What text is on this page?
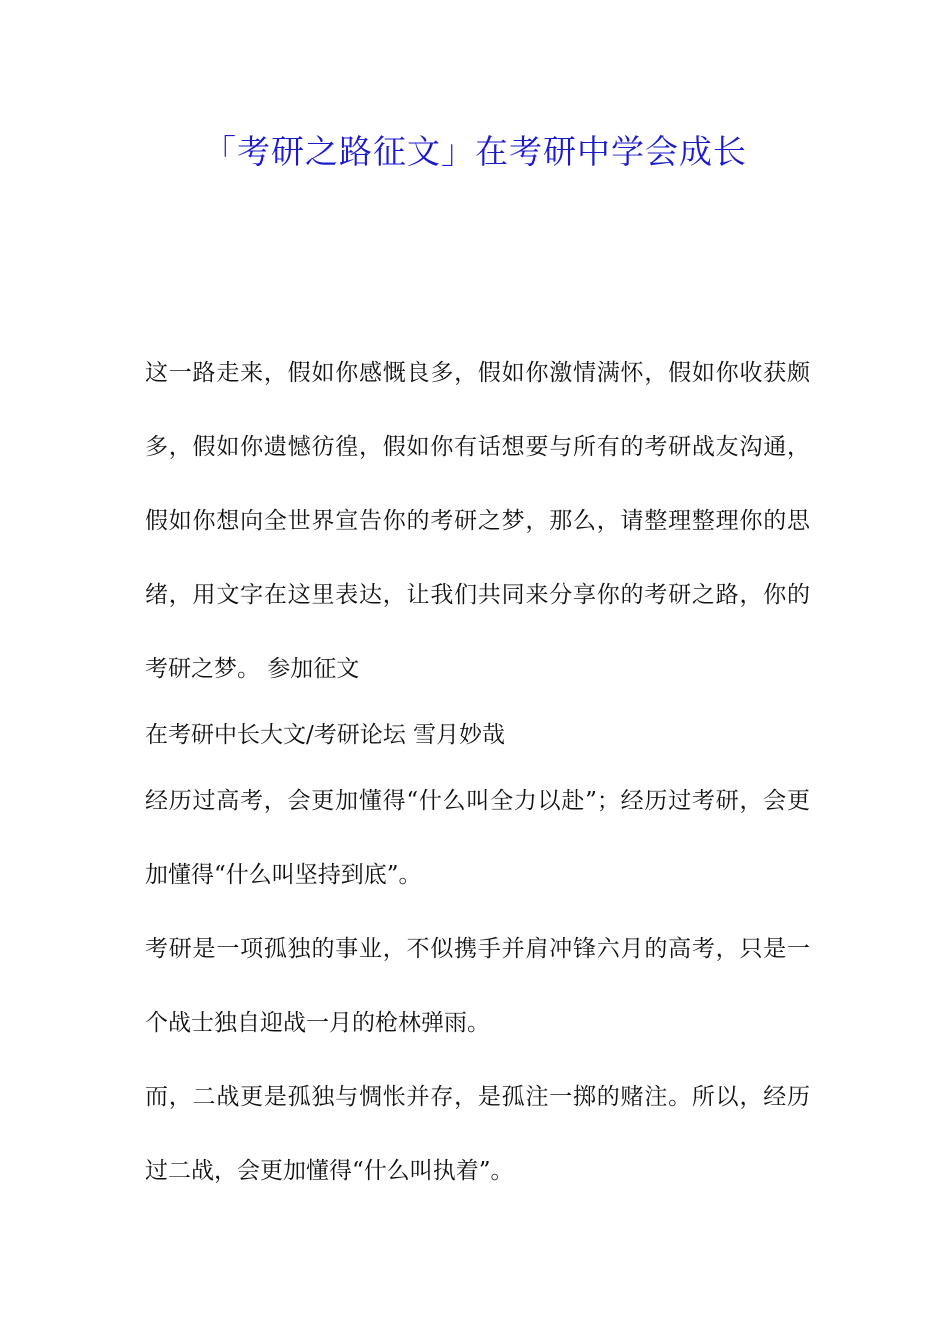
「考研之路征文」在考研中学会成长

这一路走来，假如你感慨良多，假如你激情满怀，假如你收获颇多，假如你遗憾彷徨，假如你有话想要与所有的考研战友沟通，假如你想向全世界宣告你的考研之梦，那么，请整理整理你的思绪，用文字在这里表达，让我们共同来分享你的考研之路，你的考研之梦。 参加征文

在考研中长大文/考研论坛 雪月妙哉

经历过高考，会更加懂得“什么叫全力以赴”；经历过考研，会更加懂得“什么叫坚持到底”。

考研是一项孤独的事业，不似携手并肩冲锋六月的高考，只是一个战士独自迎战一月的枪林弹雨。

而，二战更是孤独与惆怅并存，是孤注一掷的赌注。所以，经历过二战，会更加懂得“什么叫执着”。
